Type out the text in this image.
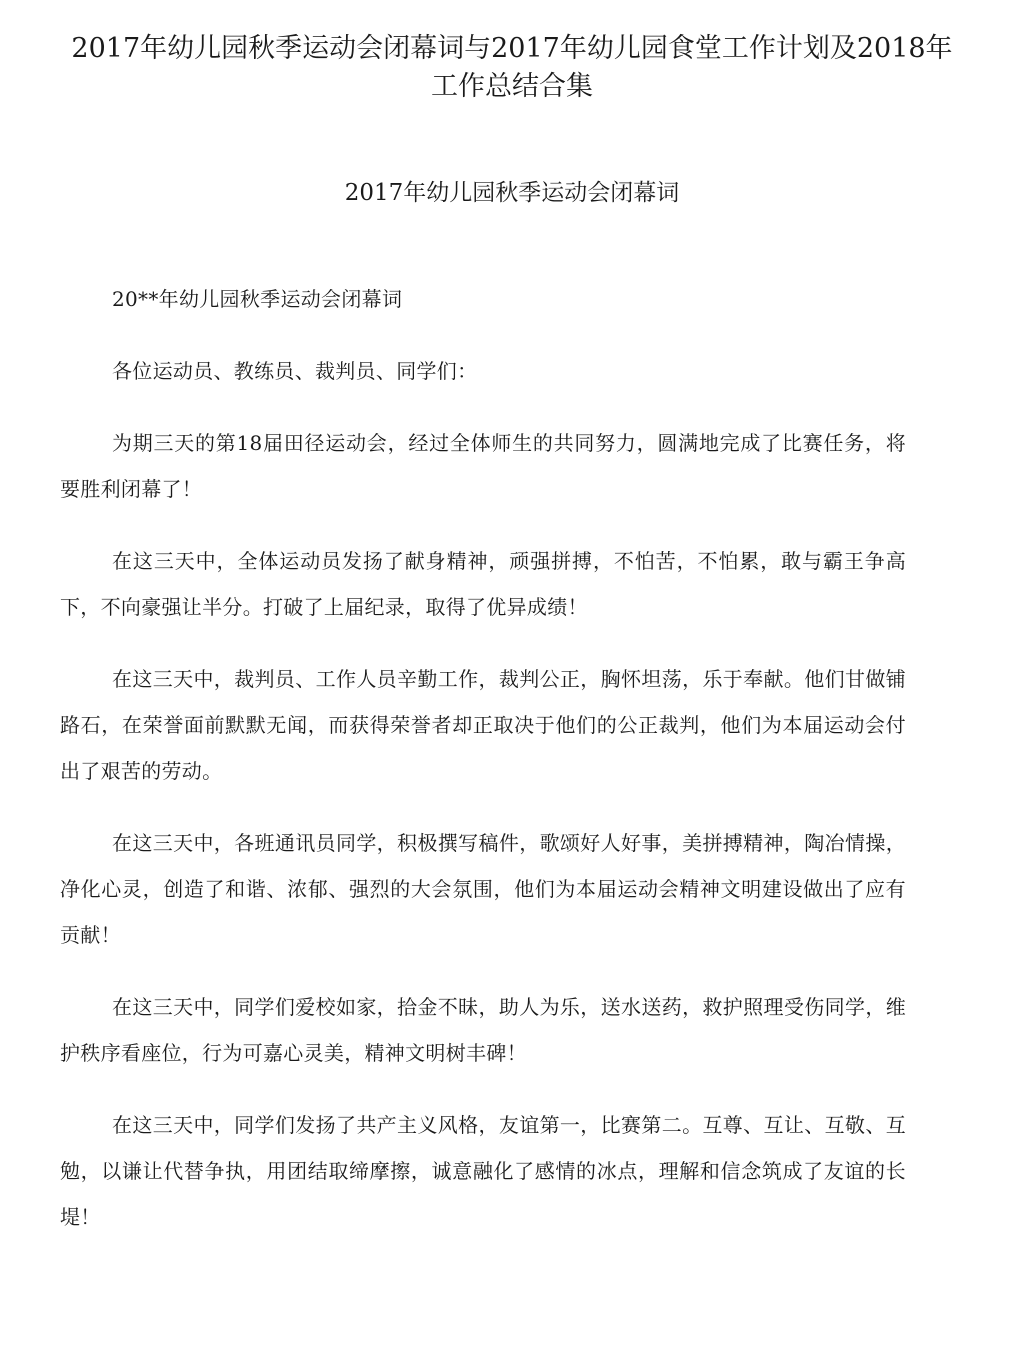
2017年幼儿园秋季运动会闭幕词与2017年幼儿园食堂工作计划及2018年工作总结合集
2017年幼儿园秋季运动会闭幕词

20**年幼儿园秋季运动会闭幕词

各位运动员、教练员、裁判员、同学们：

为期三天的第18届田径运动会，经过全体师生的共同努力，圆满地完成了比赛任务，将要胜利闭幕了！

在这三天中，全体运动员发扬了献身精神，顽强拼搏，不怕苦，不怕累，敢与霸王争高下，不向豪强让半分。打破了上届纪录，取得了优异成绩！

在这三天中，裁判员、工作人员辛勤工作，裁判公正，胸怀坦荡，乐于奉献。他们甘做铺路石，在荣誉面前默默无闻，而获得荣誉者却正取决于他们的公正裁判，他们为本届运动会付出了艰苦的劳动。

在这三天中，各班通讯员同学，积极撰写稿件，歌颂好人好事，美拼搏精神，陶冶情操，净化心灵，创造了和谐、浓郁、强烈的大会氛围，他们为本届运动会精神文明建设做出了应有贡献！

在这三天中，同学们爱校如家，拾金不昧，助人为乐，送水送药，救护照理受伤同学，维护秩序看座位，行为可嘉心灵美，精神文明树丰碑！

在这三天中，同学们发扬了共产主义风格，友谊第一，比赛第二。互尊、互让、互敬、互勉，以谦让代替争执，用团结取缔摩擦，诚意融化了感情的冰点，理解和信念筑成了友谊的长堤！
